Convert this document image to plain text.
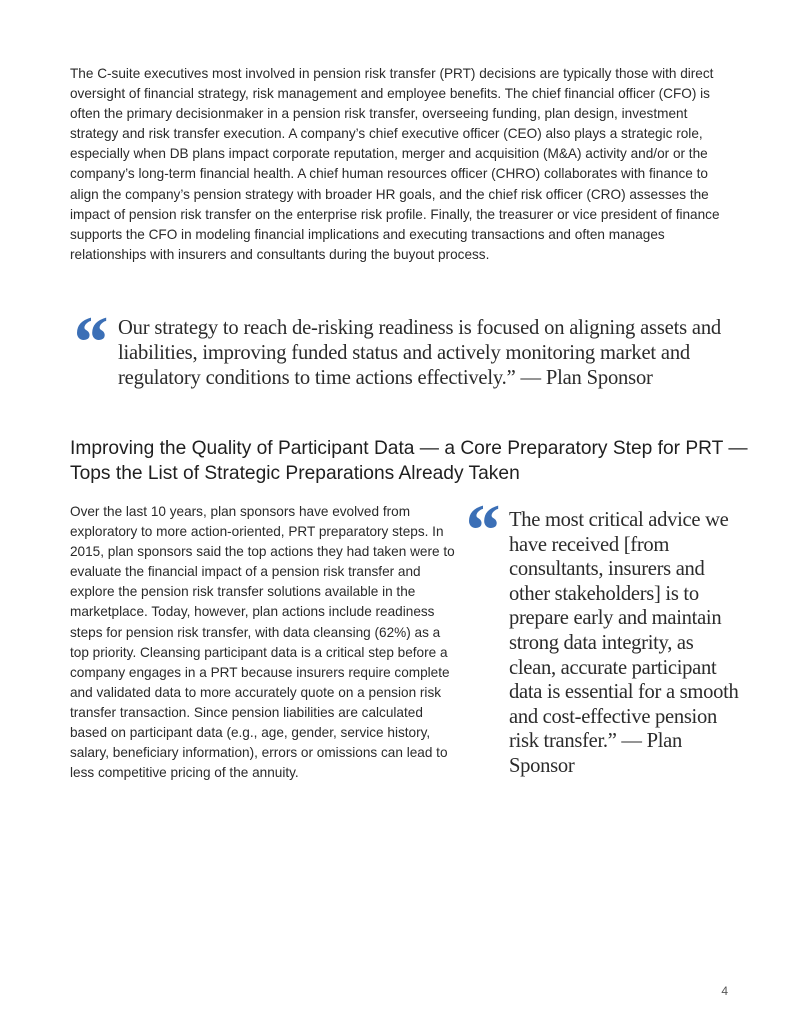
The C-suite executives most involved in pension risk transfer (PRT) decisions are typically those with direct oversight of financial strategy, risk management and employee benefits. The chief financial officer (CFO) is often the primary decisionmaker in a pension risk transfer, overseeing funding, plan design, investment strategy and risk transfer execution. A company’s chief executive officer (CEO) also plays a strategic role, especially when DB plans impact corporate reputation, merger and acquisition (M&A) activity and/or or the company’s long-term financial health. A chief human resources officer (CHRO) collaborates with finance to align the company’s pension strategy with broader HR goals, and the chief risk officer (CRO) assesses the impact of pension risk transfer on the enterprise risk profile. Finally, the treasurer or vice president of finance supports the CFO in modeling financial implications and executing transactions and often manages relationships with insurers and consultants during the buyout process.

“ Our strategy to reach de-risking readiness is focused on aligning assets and liabilities, improving funded status and actively monitoring market and regulatory conditions to time actions effectively.” — Plan Sponsor
Improving the Quality of Participant Data — a Core Preparatory Step for PRT — Tops the List of Strategic Preparations Already Taken

Over the last 10 years, plan sponsors have evolved from exploratory to more action-oriented, PRT preparatory steps. In 2015, plan sponsors said the top actions they had taken were to evaluate the financial impact of a pension risk transfer and explore the pension risk transfer solutions available in the marketplace. Today, however, plan actions include readiness steps for pension risk transfer, with data cleansing (62%) as a top priority. Cleansing participant data is a critical step before a company engages in a PRT because insurers require complete and validated data to more accurately quote on a pension risk transfer transaction. Since pension liabilities are calculated based on participant data (e.g., age, gender, service history, salary, beneficiary information), errors or omissions can lead to less competitive pricing of the annuity.

“ The most critical advice we have received [from consultants, insurers and other stakeholders] is to prepare early and maintain strong data integrity, as clean, accurate participant data is essential for a smooth and cost-effective pension risk transfer.” — Plan Sponsor
4
